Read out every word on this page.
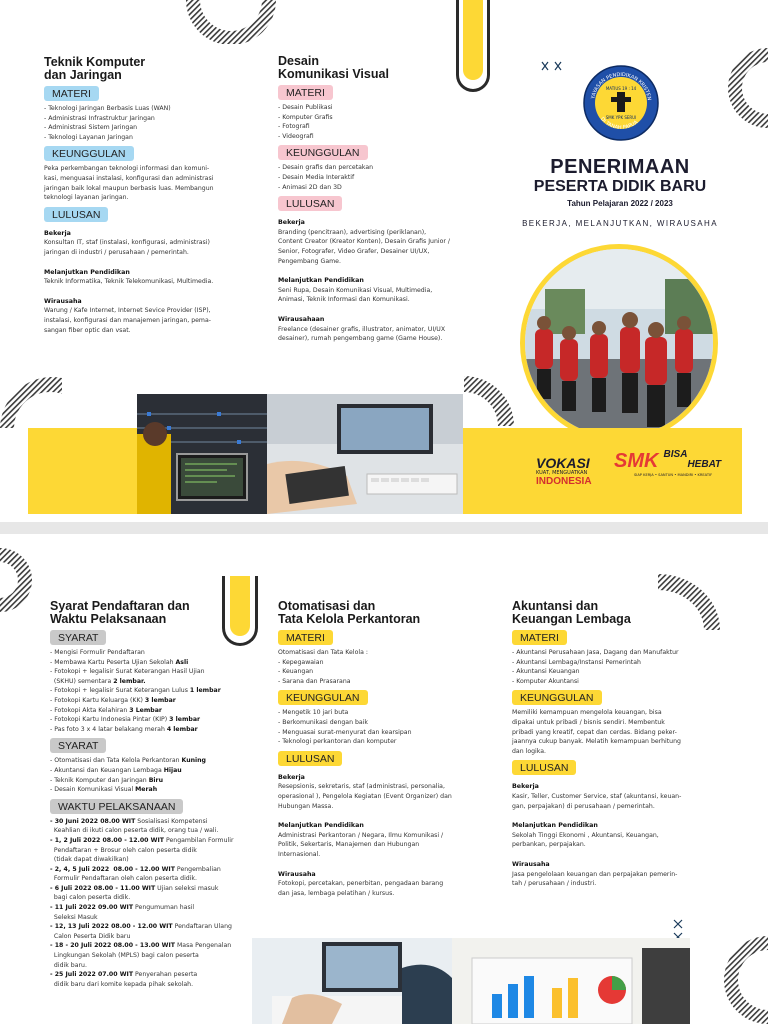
Teknik Komputer
dan Jaringan
MATERI
- Teknologi Jaringan Berbasis Luas (WAN)
- Administrasi Infrastruktur Jaringan
- Administrasi Sistem Jaringan
- Teknologi Layanan Jaringan
KEUNGGULAN
Peka perkembangan teknologi informasi dan komuni-
kasi, menguasai instalasi, konfigurasi dan administrasi
jaringan baik lokal maupun berbasis luas. Membangun
teknologi layanan jaringan.
LULUSAN
Bekerja
Konsultan IT, staf (instalasi, konfigurasi, administrasi)
jaringan di industri / perusahaan / pemerintah.
Melanjutkan Pendidikan
Teknik Informatika, Teknik Telekomunikasi, Multimedia.
Wirausaha
Warung / Kafe Internet, Internet Sevice Provider (ISP),
instalasi, konfigurasi dan manajemen jaringan, pema-
sangan fiber optic dan vsat.
Desain
Komunikasi Visual
MATERI
- Desain Publikasi
- Komputer Grafis
- Fotografi
- Videografi
KEUNGGULAN
- Desain grafis dan percetakan
- Desain Media Interaktif
- Animasi 2D dan 3D
LULUSAN
Bekerja
Branding (pencitraan), advertising (periklanan),
Content Creator (Kreator Konten), Desain Grafis Junior /
Senior, Fotografer, Video Grafer, Desainer UI/UX,
Pengembang Game.
Melanjutkan Pendidikan
Seni Rupa, Desain Komunikasi Visual, Multimedia,
Animasi, Teknik Informasi dan Komunikasi.
Wirausahaan
Freelance (desainer grafis, illustrator, animator, UI/UX
desainer), rumah pengembang game (Game House).
YAYASAN PENDIDIKAN KRISTEN
DI TANAH PAPUA
MATIUS 19 : 14
SMK YPK SERUI
PENERIMAAN
PESERTA DIDIK BARU
Tahun Pelajaran 2022 / 2023
BEKERJA, MELANJUTKAN, WIRAUSAHA
VOKASI
KUAT, MENGUATKAN
INDONESIA
SMK $^{BISA}$HEBAT
SIAP KERJA • SANTUN • MANDIRI • KREATIF
Syarat Pendaftaran dan
Waktu Pelaksanaan
SYARAT
- Mengisi Formulir Pendaftaran
- Membawa Kartu Peserta Ujian Sekolah Asli
- Fotokopi + legalisir Surat Keterangan Hasil Ujian
(SKHU) sementara 2 lembar.
- Fotokopi + legalisir Surat Keterangan Lulus 1 lembar
- Fotokopi Kartu Keluarga (KK) 3 lembar
- Fotokopi Akta Kelahiran 3 Lembar
- Fotokopi Kartu Indonesia Pintar (KIP) 3 lembar
- Pas foto 3 x 4 latar belakang merah 4 lembar
SYARAT
- Otomatisasi dan Tata Kelola Perkantoran Kuning
- Akuntansi dan Keuangan Lembaga Hijau
- Teknik Komputer dan Jaringan Biru
- Desain Komunikasi Visual Merah
WAKTU PELAKSANAAN
- 30 Juni 2022 08.00 WIT Sosialisasi Kompetensi
Keahlian di ikuti calon peserta didik, orang tua / wali.
- 1, 2 Juli 2022 08.00 - 12.00 WIT Pengambilan Formulir
Pendaftaran + Brosur oleh calon peserta didik
(tidak dapat diwakilkan)
- 2, 4, 5 Juli 2022  08.00 - 12.00 WIT Pengembalian
Formulir Pendaftaran oleh calon peserta didik.
- 6 Juli 2022 08.00 - 11.00 WIT Ujian seleksi masuk
bagi calon peserta didik.
- 11 Juli 2022 09.00 WIT Pengumuman hasil
Seleksi Masuk
- 12, 13 Juli 2022 08.00 - 12.00 WIT Pendaftaran Ulang
Calon Peserta Didik baru
- 18 - 20 Juli 2022 08.00 - 13.00 WIT Masa Pengenalan
Lingkungan Sekolah (MPLS) bagi calon peserta
didik baru.
- 25 Juli 2022 07.00 WIT Penyerahan peserta
didik baru dari komite kepada pihak sekolah.
Otomatisasi dan
Tata Kelola Perkantoran
MATERI
Otomatisasi dan Tata Kelola :
- Kepegawaian
- Keuangan
- Sarana dan Prasarana
KEUNGGULAN
- Mengetik 10 jari buta
- Berkomunikasi dengan baik
- Menguasai surat-menyurat dan kearsipan
- Teknologi perkantoran dan komputer
LULUSAN
Bekerja
Resepsionis, sekretaris, staf (administrasi, personalia,
operasional ), Pengelola Kegiatan (Event Organizer) dan
Hubungan Massa.
Melanjutkan Pendidikan
Administrasi Perkantoran / Negara, Ilmu Komunikasi /
Politik, Sekertaris, Manajemen dan Hubungan
Internasional.
Wirausaha
Fotokopi, percetakan, penerbitan, pengadaan barang
dan jasa, lembaga pelatihan / kursus.
Akuntansi dan
Keuangan Lembaga
MATERI
- Akuntansi Perusahaan Jasa, Dagang dan Manufaktur
- Akuntansi Lembaga/Instansi Pemerintah
- Akuntansi Keuangan
- Komputer Akuntansi
KEUNGGULAN
Memiliki kemampuan mengelola keuangan, bisa
dipakai untuk pribadi / bisnis sendiri. Membentuk
pribadi yang kreatif, cepat dan cerdas. Bidang peker-
jaannya cukup banyak. Melatih kemampuan berhitung
dan logika.
LULUSAN
Bekerja
Kasir, Teller, Customer Service, staf (akuntansi, keuan-
gan, perpajakan) di perusahaan / pemerintah.
Melanjutkan Pendidikan
Sekolah Tinggi Ekonomi , Akuntansi, Keuangan,
perbankan, perpajakan.
Wirausaha
Jasa pengelolaan keuangan dan perpajakan pemerin-
tah / perusahaan / industri.
